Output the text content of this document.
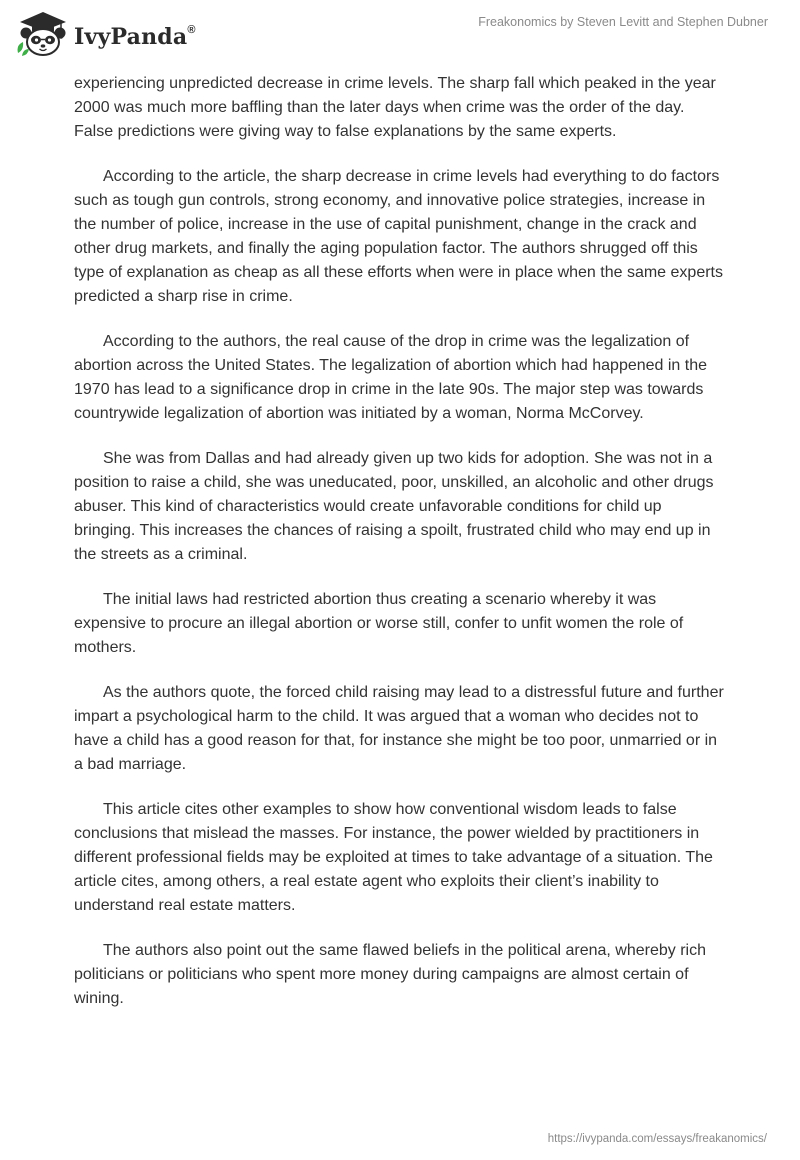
IvyPanda®
Freakonomics by Steven Levitt and Stephen Dubner

experiencing unpredicted decrease in crime levels. The sharp fall which peaked in the year 2000 was much more baffling than the later days when crime was the order of the day. False predictions were giving way to false explanations by the same experts.

According to the article, the sharp decrease in crime levels had everything to do factors such as tough gun controls, strong economy, and innovative police strategies, increase in the number of police, increase in the use of capital punishment, change in the crack and other drug markets, and finally the aging population factor. The authors shrugged off this type of explanation as cheap as all these efforts when were in place when the same experts predicted a sharp rise in crime.

According to the authors, the real cause of the drop in crime was the legalization of abortion across the United States. The legalization of abortion which had happened in the 1970 has lead to a significance drop in crime in the late 90s. The major step was towards countrywide legalization of abortion was initiated by a woman, Norma McCorvey.

She was from Dallas and had already given up two kids for adoption. She was not in a position to raise a child, she was uneducated, poor, unskilled, an alcoholic and other drugs abuser. This kind of characteristics would create unfavorable conditions for child up bringing. This increases the chances of raising a spoilt, frustrated child who may end up in the streets as a criminal.

The initial laws had restricted abortion thus creating a scenario whereby it was expensive to procure an illegal abortion or worse still, confer to unfit women the role of mothers.

As the authors quote, the forced child raising may lead to a distressful future and further impart a psychological harm to the child. It was argued that a woman who decides not to have a child has a good reason for that, for instance she might be too poor, unmarried or in a bad marriage.

This article cites other examples to show how conventional wisdom leads to false conclusions that mislead the masses. For instance, the power wielded by practitioners in different professional fields may be exploited at times to take advantage of a situation. The article cites, among others, a real estate agent who exploits their client’s inability to understand real estate matters.

The authors also point out the same flawed beliefs in the political arena, whereby rich politicians or politicians who spent more money during campaigns are almost certain of wining.

https://ivypanda.com/essays/freakanomics/
